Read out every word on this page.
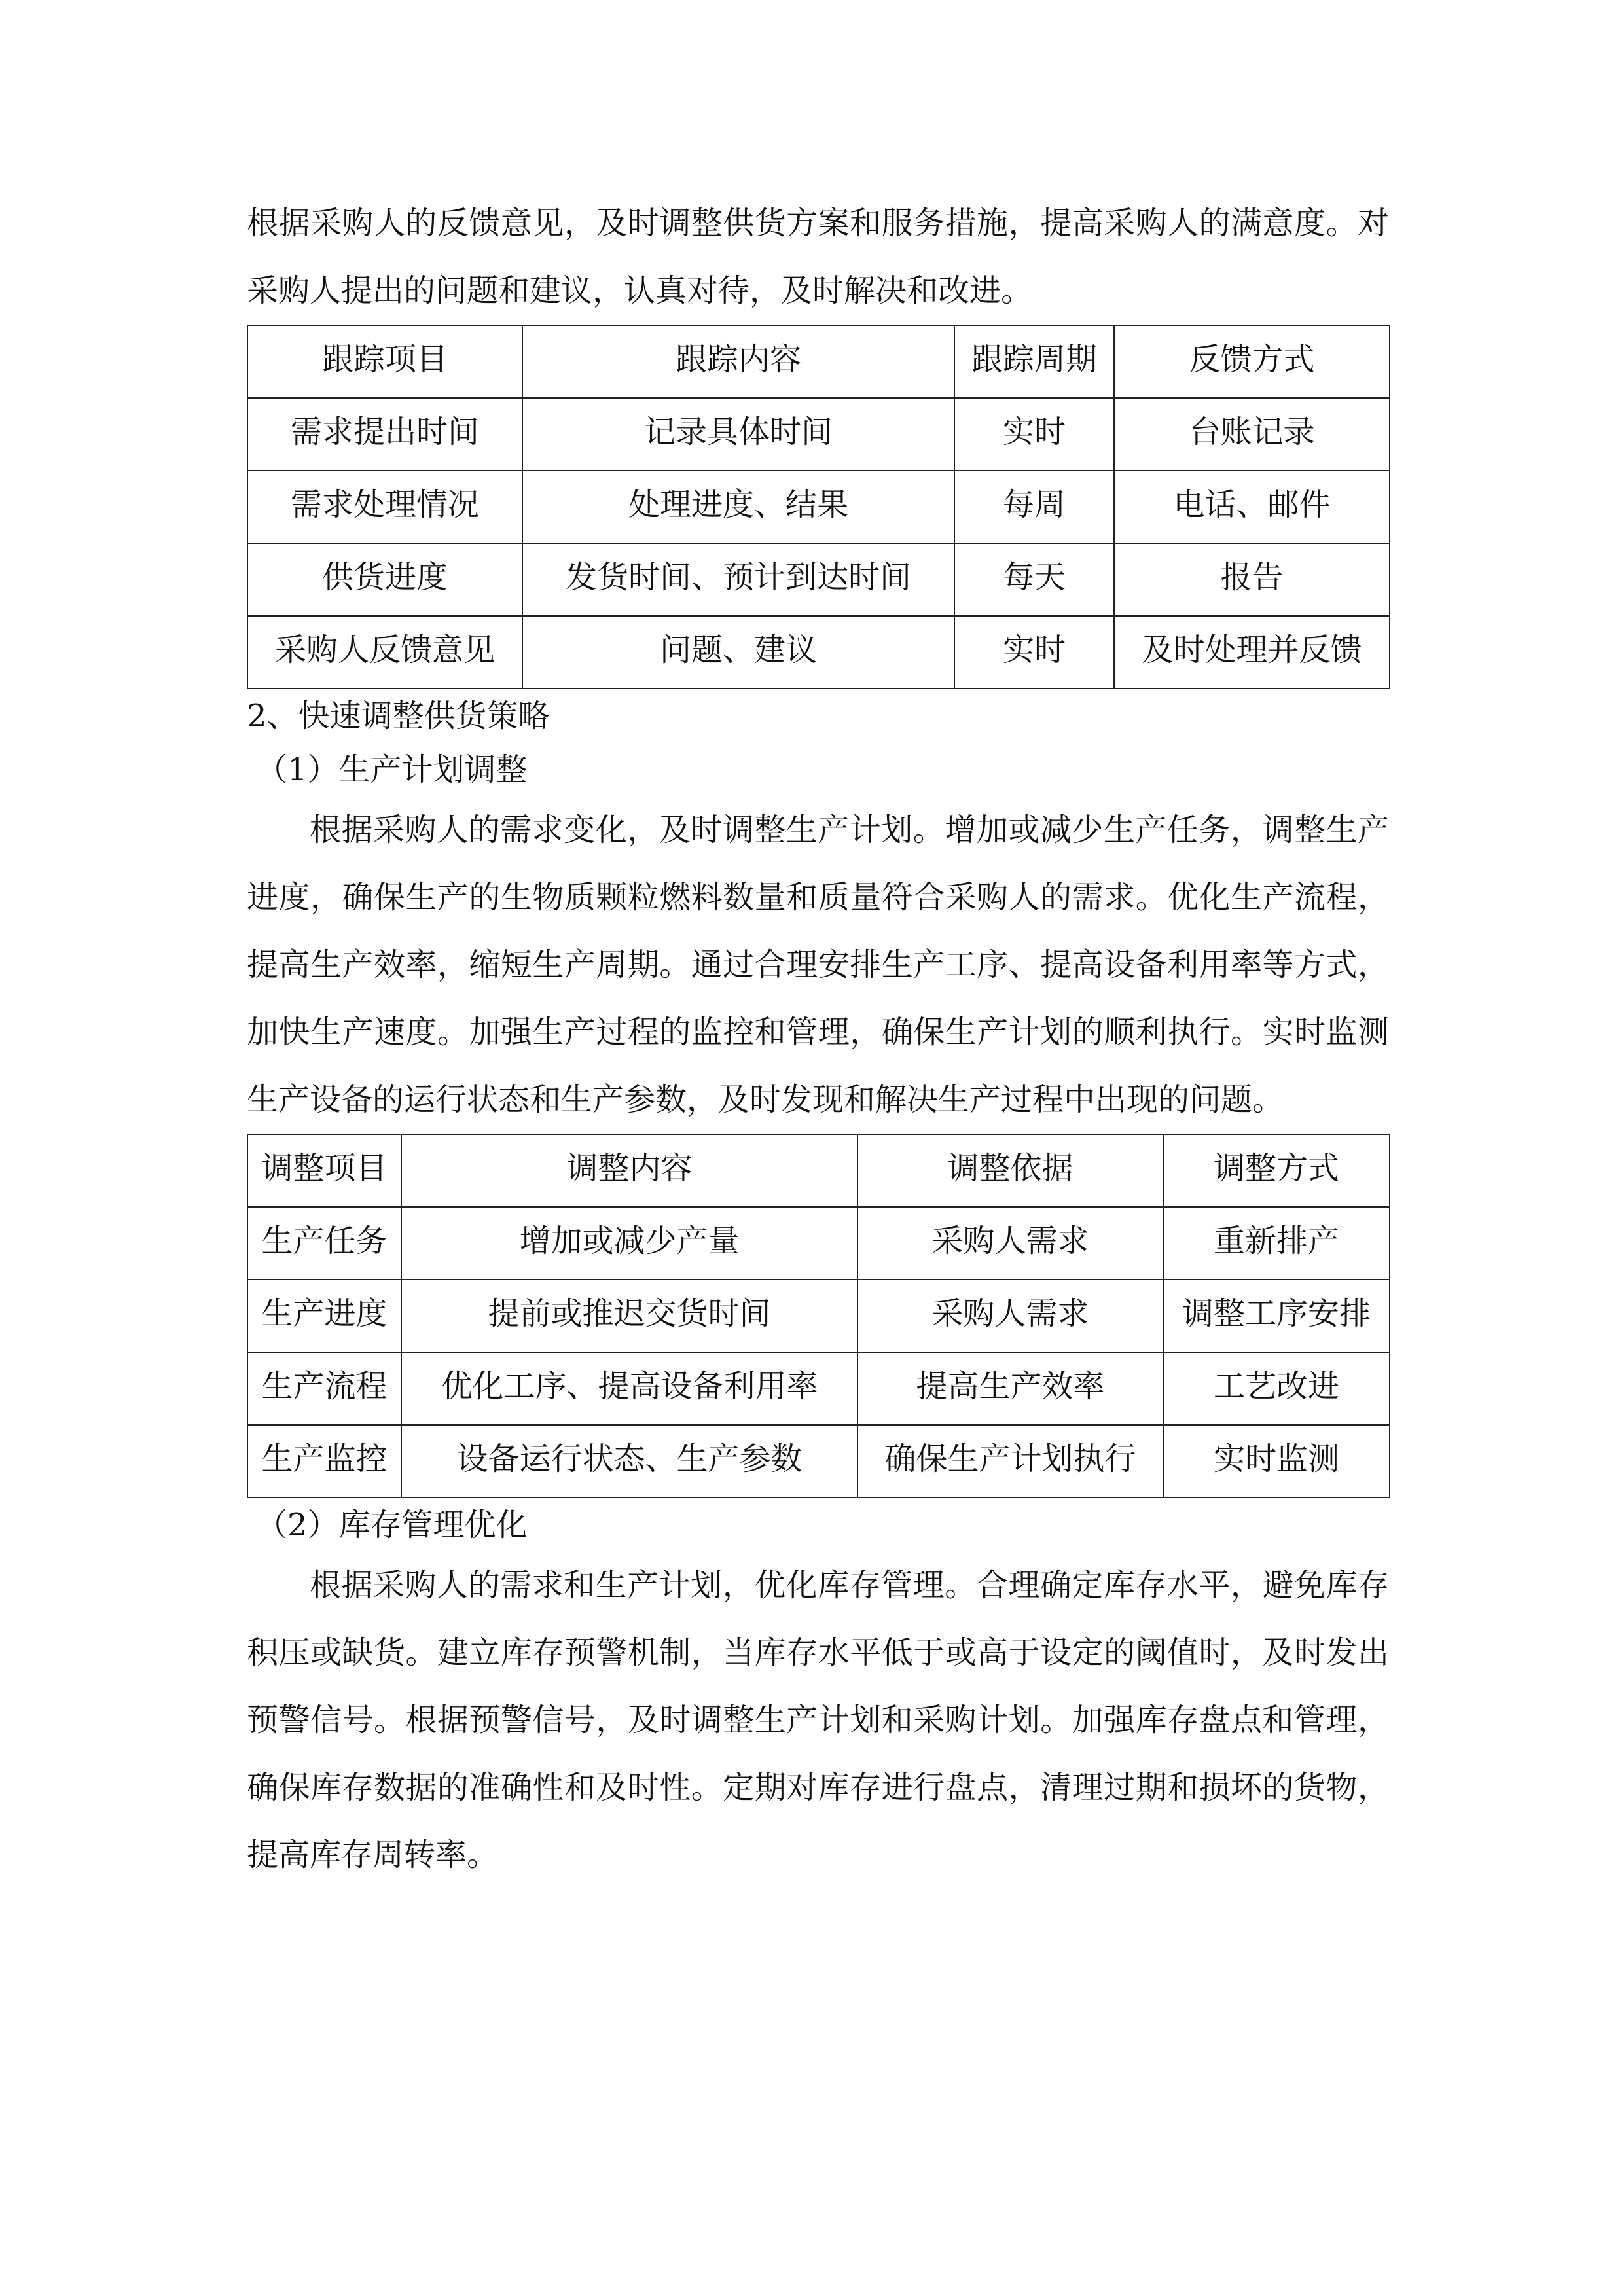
根据采购人的反馈意见，及时调整供货方案和服务措施，提高采购人的满意度。对采购人提出的问题和建议，认真对待，及时解决和改进。

跟踪项目	跟踪内容	跟踪周期	反馈方式
需求提出时间	记录具体时间	实时	台账记录
需求处理情况	处理进度、结果	每周	电话、邮件
供货进度	发货时间、预计到达时间	每天	报告
采购人反馈意见	问题、建议	实时	及时处理并反馈

2、快速调整供货策略

（1）生产计划调整

根据采购人的需求变化，及时调整生产计划。增加或减少生产任务，调整生产进度，确保生产的生物质颗粒燃料数量和质量符合采购人的需求。优化生产流程，提高生产效率，缩短生产周期。通过合理安排生产工序、提高设备利用率等方式，加快生产速度。加强生产过程的监控和管理，确保生产计划的顺利执行。实时监测生产设备的运行状态和生产参数，及时发现和解决生产过程中出现的问题。

调整项目	调整内容	调整依据	调整方式
生产任务	增加或减少产量	采购人需求	重新排产
生产进度	提前或推迟交货时间	采购人需求	调整工序安排
生产流程	优化工序、提高设备利用率	提高生产效率	工艺改进
生产监控	设备运行状态、生产参数	确保生产计划执行	实时监测

（2）库存管理优化

根据采购人的需求和生产计划，优化库存管理。合理确定库存水平，避免库存积压或缺货。建立库存预警机制，当库存水平低于或高于设定的阈值时，及时发出预警信号。根据预警信号，及时调整生产计划和采购计划。加强库存盘点和管理，确保库存数据的准确性和及时性。定期对库存进行盘点，清理过期和损坏的货物，提高库存周转率。
